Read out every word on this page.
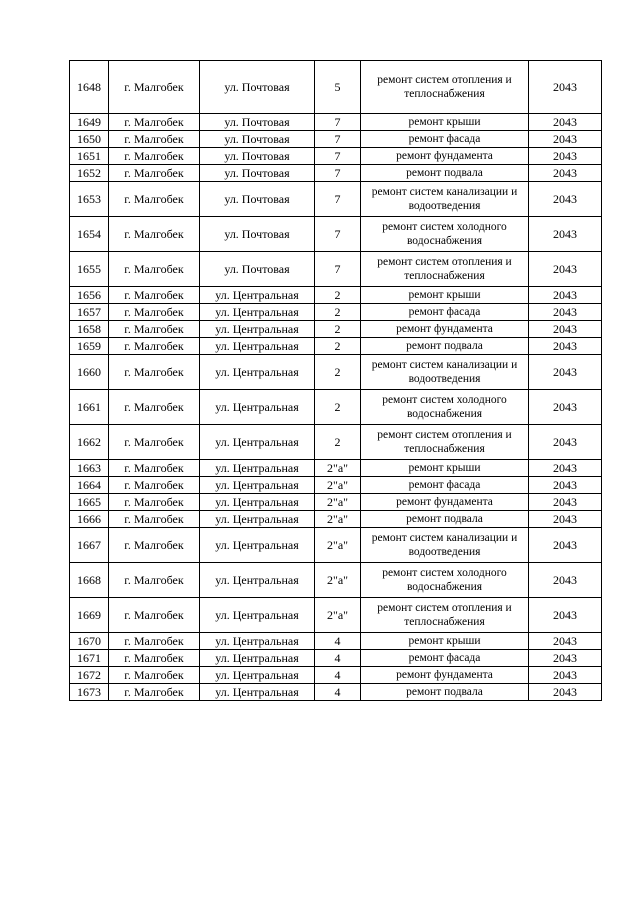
1648	г. Малгобек	ул. Почтовая	5	ремонт систем отопления и теплоснабжения	2043
1649	г. Малгобек	ул. Почтовая	7	ремонт крыши	2043
1650	г. Малгобек	ул. Почтовая	7	ремонт фасада	2043
1651	г. Малгобек	ул. Почтовая	7	ремонт фундамента	2043
1652	г. Малгобек	ул. Почтовая	7	ремонт подвала	2043
1653	г. Малгобек	ул. Почтовая	7	ремонт систем канализации и водоотведения	2043
1654	г. Малгобек	ул. Почтовая	7	ремонт систем холодного водоснабжения	2043
1655	г. Малгобек	ул. Почтовая	7	ремонт систем отопления и теплоснабжения	2043
1656	г. Малгобек	ул. Центральная	2	ремонт крыши	2043
1657	г. Малгобек	ул. Центральная	2	ремонт фасада	2043
1658	г. Малгобек	ул. Центральная	2	ремонт фундамента	2043
1659	г. Малгобек	ул. Центральная	2	ремонт подвала	2043
1660	г. Малгобек	ул. Центральная	2	ремонт систем канализации и водоотведения	2043
1661	г. Малгобек	ул. Центральная	2	ремонт систем холодного водоснабжения	2043
1662	г. Малгобек	ул. Центральная	2	ремонт систем отопления и теплоснабжения	2043
1663	г. Малгобек	ул. Центральная	2"а"	ремонт крыши	2043
1664	г. Малгобек	ул. Центральная	2"а"	ремонт фасада	2043
1665	г. Малгобек	ул. Центральная	2"а"	ремонт фундамента	2043
1666	г. Малгобек	ул. Центральная	2"а"	ремонт подвала	2043
1667	г. Малгобек	ул. Центральная	2"а"	ремонт систем канализации и водоотведения	2043
1668	г. Малгобек	ул. Центральная	2"а"	ремонт систем холодного водоснабжения	2043
1669	г. Малгобек	ул. Центральная	2"а"	ремонт систем отопления и теплоснабжения	2043
1670	г. Малгобек	ул. Центральная	4	ремонт крыши	2043
1671	г. Малгобек	ул. Центральная	4	ремонт фасада	2043
1672	г. Малгобек	ул. Центральная	4	ремонт фундамента	2043
1673	г. Малгобек	ул. Центральная	4	ремонт подвала	2043
